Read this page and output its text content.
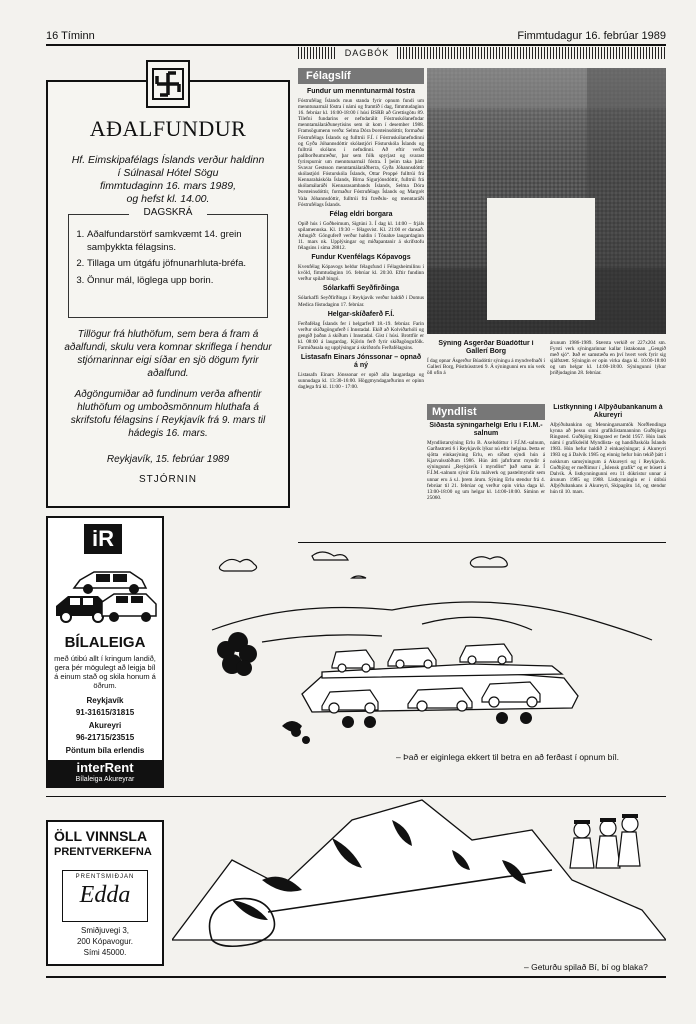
16 Tíminn	Fimmtudagur 16. febrúar 1989
DAGBÓK
AÐALFUNDUR
Hf. Eimskipafélags Íslands verður haldinn
í Súlnasal Hótel Sögu
fimmtudaginn 16. mars 1989,
og hefst kl. 14.00.
DAGSKRÁ
1. Aðalfundarstörf samkvæmt 14. grein samþykkta félagsins.
2. Tillaga um útgáfu jöfnunarhluta-bréfa.
3. Önnur mál, löglega upp borin.
Tillögur frá hluthöfum, sem bera á fram á aðalfundi, skulu vera komnar skriflega í hendur stjórnarinnar eigi síðar en sjö dögum fyrir aðalfund.
Aðgöngumiðar að fundinum verða afhentir hluthöfum og umboðsmönnum hluthafa á skrifstofu félagsins í Reykjavík frá 9. mars til hádegis 16. mars.
Reykjavík, 15. febrúar 1989
STJÓRNIN
Félagslíf
Fundur um menntunarmál fóstra
Fóstrufélag Íslands mun standa fyrir opnum fundi um menntunarmál fóstra í námi og framtíð í dag, fimmtudaginn 16. febrúar kl. 16:00-18:00 í húsi BSRB að Grettisgötu 89. Tilefni fundarins er nefndarálit Fóstruskólanefndar menntamálaráðuneytisins sem út kom í desember 1988. Framsögumenn verða: Selma Dóra Þorsteinsdóttir, formaður Fóstrufélags Íslands og fulltrúi F.Í. í Fóstruskólanefndinni og Gyða Jóhannsdóttir skólastjóri Fósturskóla Íslands og fulltrúi skólans í nefndinni. Að eftir verða pallborðsumræður, þar sem fólk spyrjast og svarast fyrirspurnir um menntunarmál fóstra. Í þeim taka þátt: Svavar Gestsson menntamálaráðherra, Gyða Jóhannsdóttir skólastjóri Fósturskóla Íslands, Ottar Proppé fulltrúi frá Kennaraháskóla Íslands, Birna Sigurjónsdóttir, fulltrúi frá skólamálaráði Kennarasambands Íslands, Selma Dóra Þorsteinsdóttir, formaður Fóstrufélags Íslands og Margrét Vala Jóhannsdóttir, fulltrúi frá fræðslu- og menntaráði Fóstrufélags Íslands.
Félag eldri borgara
Opið hús í Goðheimum, Sigtúni 3. Í dag kl. 14:00 – frjáls spilamennska. Kl. 19:30 – félagsvist. Kl. 21:00 er dansað. Athugið: Gönguferð verður haldin í Tónabæ laugardaginn 11. mars nk. Upplýsingar og miðapantanir á skrifstofu félagsins í síma 28812.
Fundur Kvenfélags Kópavogs
Kvenfélag Kópavogs heldur félagsfund í Félagsheimilinu í kvöld, fimmtudaginn 16. febrúar kl. 20:30. Eftir fundinn verður spilað bingó.
Sólarkaffi Seyðfirðinga
Sólarkaffi Seyðfirðinga í Reykjavík verður haldið í Domus Medica föstudaginn 17. febrúar.
Helgar-skíðaferð F.Í.
Ferðafélag Íslands fer í helgarferð 18.-19. febrúar. Farin verður skíðagönguferð í Innstadal. Ekið að Kolviðarhóli og gengið þaðan á skíðum í Innstadal. Gist í húsi. Brottför er kl. 08:00 á laugardag. Kjörin ferð fyrir skíðagöngufólk. Farmiðasala og upplýsingar á skrifstofu Ferðafélagsins.
Listasafn Einars Jónssonar – opnað á ný
Listasafn Einars Jónssonar er opið alla laugardaga og sunnudaga kl. 13:30-16:00. Höggmyndagarðurinn er opinn daglega frá kl. 11:00 - 17:00.
Sýning Ásgerðar Búadóttur í Gallerí Borg
Í dag opnar Ásgerður Búadóttir sýningu á myndvefnaði í Gallerí Borg, Pósthússtræti 9. Á sýningunni eru níu verk öll ofin á
árunum 1986-1989. Stærsta verkið er 227x204 sm. Fyrsti verk sýningarinnar kallar listakonan „Gengið með sjó“. Það er samstæða en því hvert verk fyrir sig sjálfstætt. Sýningin er opin virka daga kl. 10:00-18:00 og um helgar kl. 14:00-18:00. Sýningunni lýkur þriðjudaginn 28. febrúar.
Myndlist
Síðasta sýningarhelgi Erlu í F.Í.M.-salnum
Myndlistarsýning Erlu B. Axelsdóttur í F.Í.M.-salnum, Garðastræti 6 í Reykjavík lýkur nú eftir helgina. Þetta er sjötta einkasýning Erlu, en síðast sýndi hún á Kjarvalsstöðum 1986. Hún átti jafnframt myndir á sýningunni „Reykjavík í myndlist“ það sama ár. Í F.Í.M.-salnum sýnir Erla málverk og pastelmyndir sem unnar eru á s.l. þrem árum. Sýning Erlu stendur frá 4. febrúar til 21. febrúar og verður opin virka daga kl. 13:00-18:00 og um helgar kl. 14:00-18:00. Síminn er 25060.
Listkynning í Alþýðubankanum á Akureyri
Alþýðubankinn og Menningarsamtök Norðlendinga kynna að þessu sinni grafiklistamanninn Guðbjörgu Ringsted. Guðbjörg Ringsted er fædd 1957. Hún lauk námi í grafíkdeild Myndlista- og handíðaskóla Íslands 1983. Hún hefur haldið 2 einkasýningar; á Akureyri 1983 og á Dalvík 1985 og einnig hefur hún tekið þátt í nokkrum samsýningum á Akureyri og í Reykjavík. Guðbjörg er meðlimur í „Íslensk grafík“ og er búsett á Dalvík. Á listkynningunni eru 11 dúkristur unnar á árunum 1985 og 1988. Listkynningin er í útibúi Alþýðubankans á Akureyri, Skipagötu 14, og stendur hún til 10. mars.
iR
BÍLALEIGA
með útibú allt í kringum landið, gera þér mögulegt að leigja bíl á einum stað og skila honum á öðrum.
Reykjavík
91-31615/31815
Akureyri
96-21715/23515
Pöntum bíla erlendis
interRent
Bílaleiga Akureyrar
– Það er eiginlega ekkert til betra en að ferðast í opnum bíl.
ÖLL VINNSLA
PRENTVERKEFNA
PRENTSMIÐJAN
Edda
Smiðjuvegi 3,
200 Kópavogur.
Sími 45000.
– Geturðu spilað Bí, bí og blaka?
